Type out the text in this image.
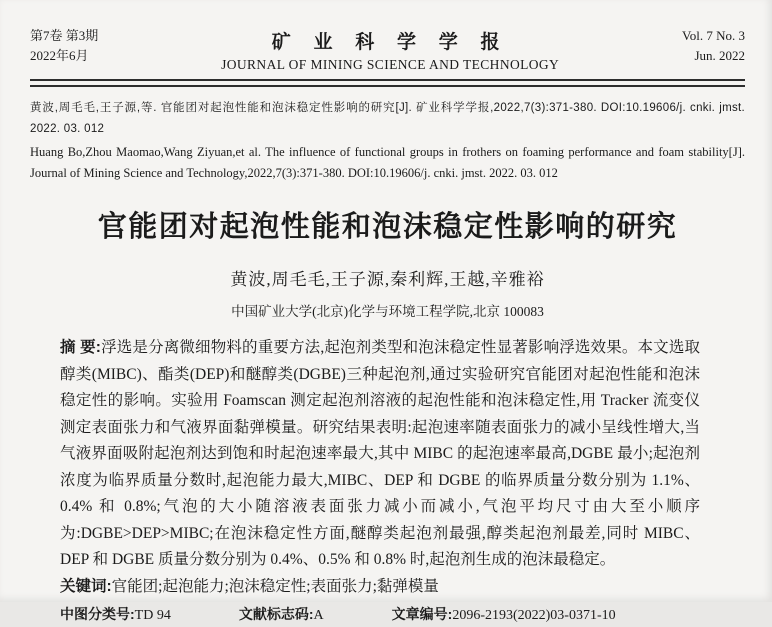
第7卷 第3期
2022年6月
矿 业 科 学 学 报
JOURNAL OF MINING SCIENCE AND TECHNOLOGY
Vol. 7 No. 3
Jun. 2022
黄波,周毛毛,王子源,等. 官能团对起泡性能和泡沫稳定性影响的研究[J]. 矿业科学学报,2022,7(3):371-380. DOI:10.19606/j. cnki. jmst. 2022. 03. 012
Huang Bo,Zhou Maomao,Wang Ziyuan,et al. The influence of functional groups in frothers on foaming performance and foam stability[J]. Journal of Mining Science and Technology,2022,7(3):371-380. DOI:10.19606/j. cnki. jmst. 2022. 03. 012
官能团对起泡性能和泡沫稳定性影响的研究
黄波,周毛毛,王子源,秦利辉,王越,辛雅裕
中国矿业大学(北京)化学与环境工程学院,北京 100083
摘 要:浮选是分离微细物料的重要方法,起泡剂类型和泡沫稳定性显著影响浮选效果。本文选取醇类(MIBC)、酯类(DEP)和醚醇类(DGBE)三种起泡剂,通过实验研究官能团对起泡性能和泡沫稳定性的影响。实验用 Foamscan 测定起泡剂溶液的起泡性能和泡沫稳定性,用 Tracker 流变仪测定表面张力和气液界面黏弹模量。研究结果表明:起泡速率随表面张力的减小呈线性增大,当气液界面吸附起泡剂达到饱和时起泡速率最大,其中 MIBC 的起泡速率最高,DGBE 最小;起泡剂浓度为临界质量分数时,起泡能力最大,MIBC、DEP 和 DGBE 的临界质量分数分别为 1.1%、0.4% 和 0.8%;气泡的大小随溶液表面张力减小而减小,气泡平均尺寸由大至小顺序为:DGBE>DEP>MIBC;在泡沫稳定性方面,醚醇类起泡剂最强,醇类起泡剂最差,同时 MIBC、DEP 和 DGBE 质量分数分别为 0.4%、0.5% 和 0.8% 时,起泡剂生成的泡沫最稳定。
关键词:官能团;起泡能力;泡沫稳定性;表面张力;黏弹模量
中图分类号:TD 94	文献标志码:A	文章编号:2096-2193(2022)03-0371-10
